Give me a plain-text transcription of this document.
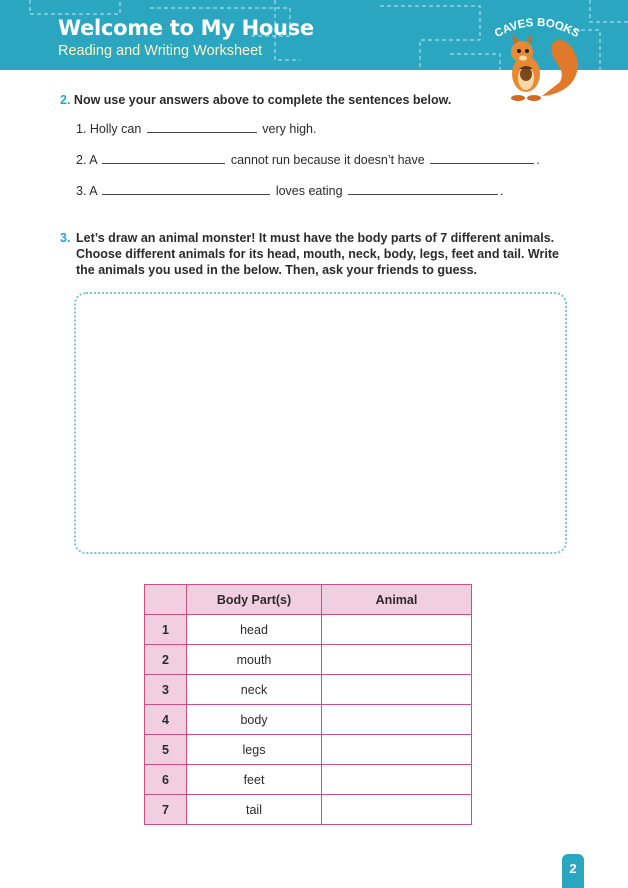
Welcome to My House
Reading and Writing Worksheet
CAVES BOOKS
2. Now use your answers above to complete the sentences below.
1. Holly can	very high.
2. A	cannot run because it doesn’t have	.
3. A	loves eating	.
3. Let’s draw an animal monster! It must have the body parts of 7 different animals.
Choose different animals for its head, mouth, neck, body, legs, feet and tail. Write
the animals you used in the below. Then, ask your friends to guess.
	Body Part(s)	Animal
1	head	
2	mouth	
3	neck	
4	body	
5	legs	
6	feet	
7	tail	
2
